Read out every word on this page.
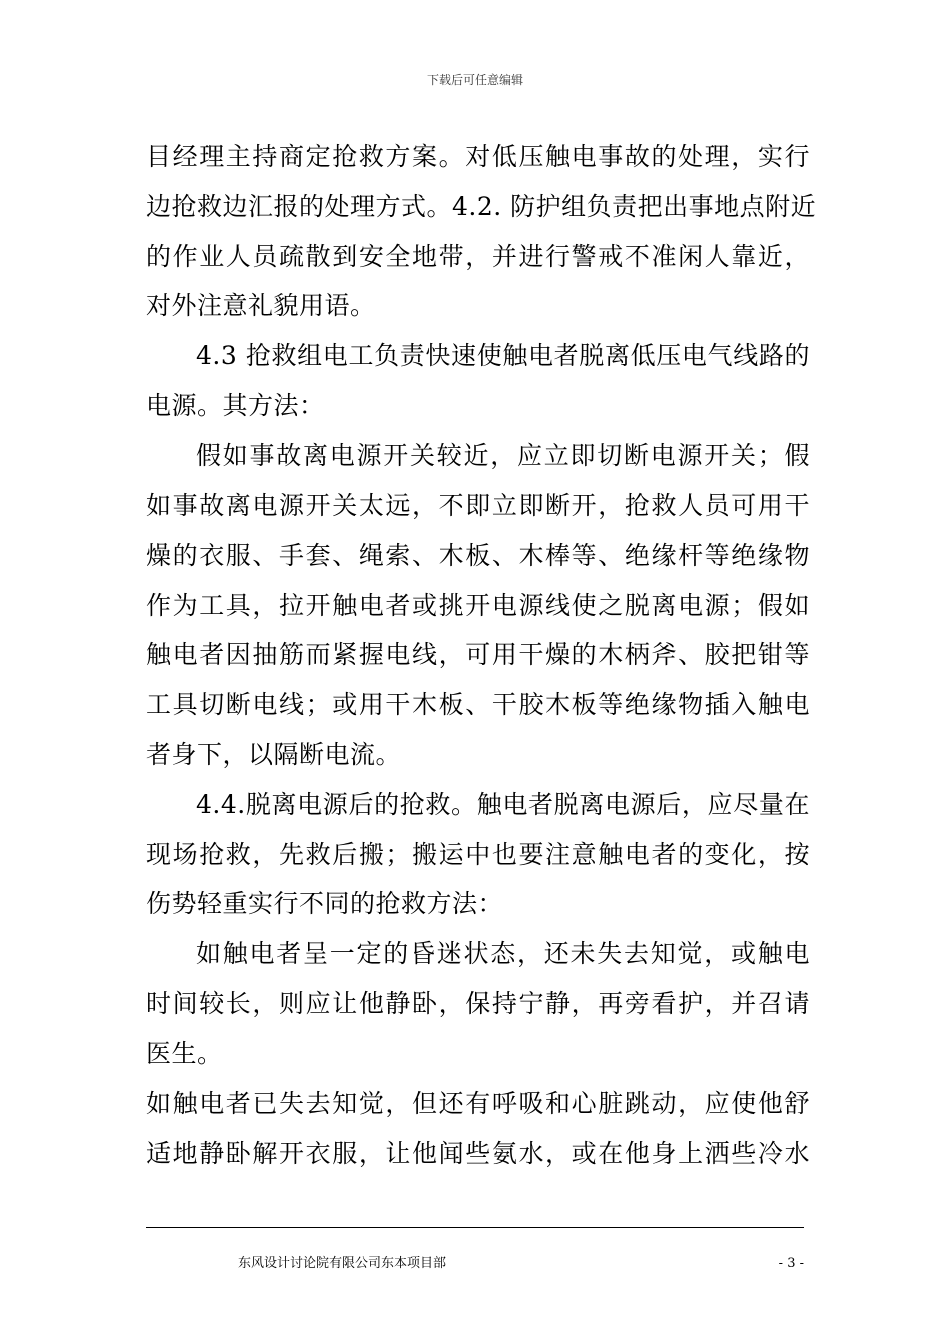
下载后可任意编辑
目经理主持商定抢救方案。对低压触电事故的处理，实行
边抢救边汇报的处理方式。4.2. 防护组负责把出事地点附近
的作业人员疏散到安全地带，并进行警戒不准闲人靠近，
对外注意礼貌用语。
4.3 抢救组电工负责快速使触电者脱离低压电气线路的
电源。其方法：
假如事故离电源开关较近，应立即切断电源开关；假
如事故离电源开关太远，不即立即断开，抢救人员可用干
燥的衣服、手套、绳索、木板、木棒等、绝缘杆等绝缘物
作为工具，拉开触电者或挑开电源线使之脱离电源；假如
触电者因抽筋而紧握电线，可用干燥的木柄斧、胶把钳等
工具切断电线；或用干木板、干胶木板等绝缘物插入触电
者身下，以隔断电流。
4.4.脱离电源后的抢救。触电者脱离电源后，应尽量在
现场抢救，先救后搬；搬运中也要注意触电者的变化，按
伤势轻重实行不同的抢救方法：
如触电者呈一定的昏迷状态，还未失去知觉，或触电
时间较长，则应让他静卧，保持宁静，再旁看护，并召请
医生。
如触电者已失去知觉，但还有呼吸和心脏跳动，应使他舒
适地静卧解开衣服，让他闻些氨水，或在他身上洒些冷水
东风设计讨论院有限公司东本项目部	- 3 -
